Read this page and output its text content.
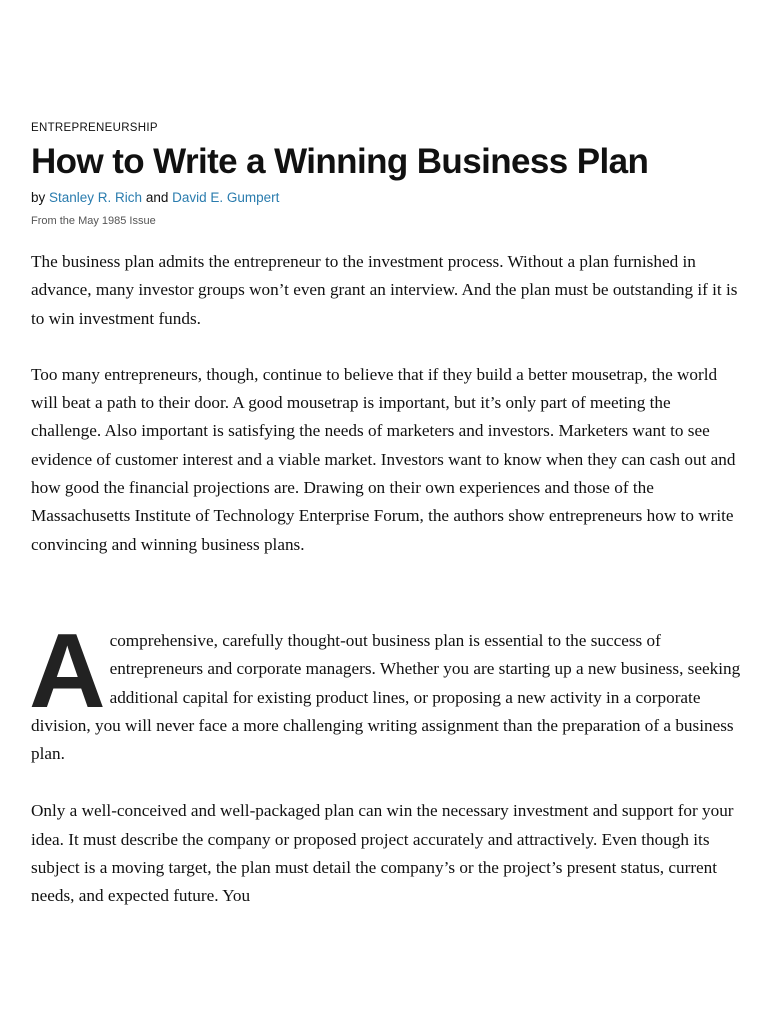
ENTREPRENEURSHIP
How to Write a Winning Business Plan
by Stanley R. Rich and David E. Gumpert
From the May 1985 Issue

The business plan admits the entrepreneur to the investment process. Without a plan furnished in advance, many investor groups won’t even grant an interview. And the plan must be outstanding if it is to win investment funds.

Too many entrepreneurs, though, continue to believe that if they build a better mousetrap, the world will beat a path to their door. A good mousetrap is important, but it’s only part of meeting the challenge. Also important is satisfying the needs of marketers and investors. Marketers want to see evidence of customer interest and a viable market. Investors want to know when they can cash out and how good the financial projections are. Drawing on their own experiences and those of the Massachusetts Institute of Technology Enterprise Forum, the authors show entrepreneurs how to write convincing and winning business plans.

Acomprehensive, carefully thought-out business plan is essential to the success of entrepreneurs and corporate managers. Whether you are starting up a new business, seeking additional capital for existing product lines, or proposing a new activity in a corporate division, you will never face a more challenging writing assignment than the preparation of a business plan.

Only a well-conceived and well-packaged plan can win the necessary investment and support for your idea. It must describe the company or proposed project accurately and attractively. Even though its subject is a moving target, the plan must detail the company’s or the project’s present status, current needs, and expected future. You
